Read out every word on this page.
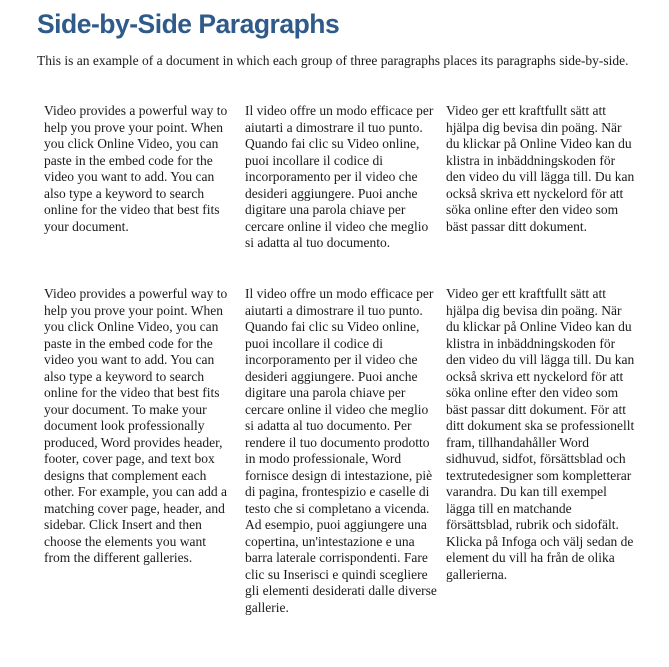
Side-by-Side Paragraphs

This is an example of a document in which each group of three paragraphs places its paragraphs side-by-side.

Video provides a powerful way to help you prove your point. When you click Online Video, you can paste in the embed code for the video you want to add. You can also type a keyword to search online for the video that best fits your document.

Il video offre un modo efficace per aiutarti a dimostrare il tuo punto. Quando fai clic su Video online, puoi incollare il codice di incorporamento per il video che desideri aggiungere. Puoi anche digitare una parola chiave per cercare online il video che meglio si adatta al tuo documento.

Video ger ett kraftfullt sätt att hjälpa dig bevisa din poäng. När du klickar på Online Video kan du klistra in inbäddningskoden för den video du vill lägga till. Du kan också skriva ett nyckelord för att söka online efter den video som bäst passar ditt dokument.

Video provides a powerful way to help you prove your point. When you click Online Video, you can paste in the embed code for the video you want to add. You can also type a keyword to search online for the video that best fits your document. To make your document look professionally produced, Word provides header, footer, cover page, and text box designs that complement each other. For example, you can add a matching cover page, header, and sidebar. Click Insert and then choose the elements you want from the different galleries.

Il video offre un modo efficace per aiutarti a dimostrare il tuo punto. Quando fai clic su Video online, puoi incollare il codice di incorporamento per il video che desideri aggiungere. Puoi anche digitare una parola chiave per cercare online il video che meglio si adatta al tuo documento. Per rendere il tuo documento prodotto in modo professionale, Word fornisce design di intestazione, piè di pagina, frontespizio e caselle di testo che si completano a vicenda. Ad esempio, puoi aggiungere una copertina, un'intestazione e una barra laterale corrispondenti. Fare clic su Inserisci e quindi scegliere gli elementi desiderati dalle diverse gallerie.

Video ger ett kraftfullt sätt att hjälpa dig bevisa din poäng. När du klickar på Online Video kan du klistra in inbäddningskoden för den video du vill lägga till. Du kan också skriva ett nyckelord för att söka online efter den video som bäst passar ditt dokument. För att ditt dokument ska se professionellt fram, tillhandahåller Word sidhuvud, sidfot, försättsblad och textrutedesigner som kompletterar varandra. Du kan till exempel lägga till en matchande försättsblad, rubrik och sidofält. Klicka på Infoga och välj sedan de element du vill ha från de olika gallerierna.
